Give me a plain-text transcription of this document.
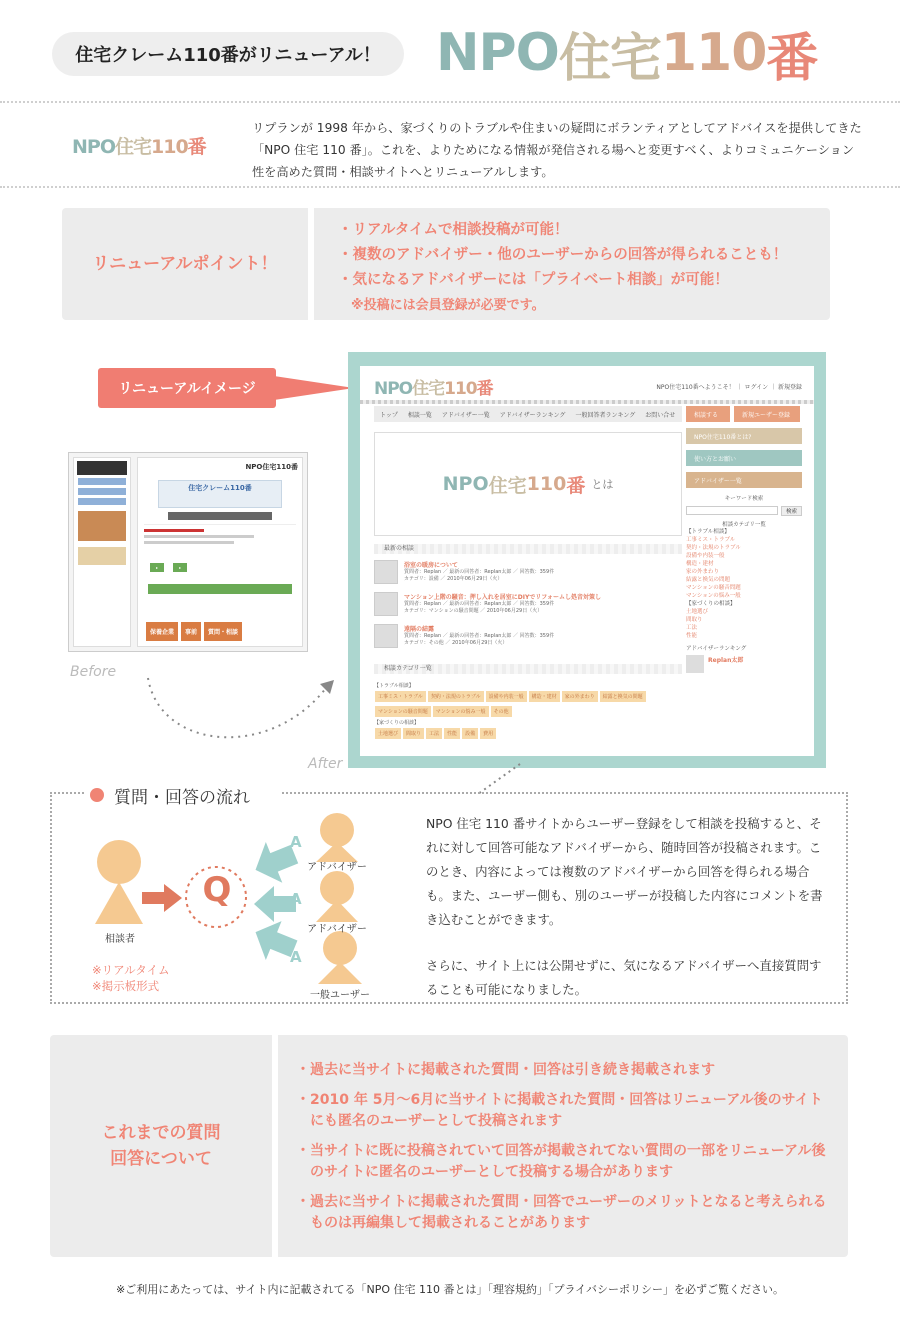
住宅クレーム110番がリニューアル！	NPO 住宅 110 番
NPO住宅110番
リプランが 1998 年から、家づくりのトラブルや住まいの疑問にボランティアとしてアドバイスを提供してきた「NPO 住宅 110 番」。これを、よりためになる情報が発信される場へと変更すべく、よりコミュニケーション性を高めた質問・相談サイトへとリニューアルします。
リニューアルポイント！
・リアルタイムで相談投稿が可能！
・複数のアドバイザー・他のユーザーからの回答が得られることも！
・気になるアドバイザーには「プライベート相談」が可能！
　※投稿には会員登録が必要です。
リニューアルイメージ
NPO住宅110番
住宅クレーム110番
▸	▸
保養企業	事前	質問・相談
Before
NPO住宅110番	NPO住宅110番へようこそ！ ｜ ログイン ｜ 新規登録
トップ 相談一覧 アドバイザー一覧 アドバイザーランキング 一般回答者ランキング お問い合せ
NPO 住宅 110 番 とは
最新の相談
浴室の暖房について
質問者：Replan ／ 最新の回答者：Replan太郎 ／ 回答数：359件
カテゴリ：設備 ／ 2010年06月29日（火）
マンション上階の騒音：押し入れを居室にDIYでリフォームし処音対策し
質問者：Replan ／ 最新の回答者：Replan太郎 ／ 回答数：359件
カテゴリ：マンションの騒音問題 ／ 2010年06月29日（火）
遠隔の結露
質問者：Replan ／ 最新の回答者：Replan太郎 ／ 回答数：359件
カテゴリ：その他 ／ 2010年06月29日（火）
相談カテゴリ一覧
【トラブル相談】
工事ミス・トラブル 契約・法規のトラブル 設備や内装一般 構造・建材 家の外まわり 結露と換気の問題マンションの騒音問題 マンションの悩み一般 その他
【家づくりの相談】
土地選び 間取り 工法 性能 設備 費用
相談する	新規ユーザー登録
NPO住宅110番とは?
使い方とお願い
アドバイザー一覧
キーワード検索
検索
相談カテゴリ一覧
【トラブル相談】
工事ミス・トラブル
契約・法規のトラブル
設備や内装一般
構造・建材
家の外まわり
結露と換気の問題
マンションの騒音問題
マンションの悩み一般
【家づくりの相談】
土地選び
間取り
工法
性能
アドバイザーランキング
Replan太郎
After
質問・回答の流れ
Q
A
A
A
相談者
アドバイザー
アドバイザー
一般ユーザー
※リアルタイム
※掲示板形式

NPO 住宅 110 番サイトからユーザー登録をして相談を投稿すると、それに対して回答可能なアドバイザーから、随時回答が投稿されます。このとき、内容によっては複数のアドバイザーから回答を得られる場合も。また、ユーザー側も、別のユーザーが投稿した内容にコメントを書き込むことができます。

さらに、サイト上には公開せずに、気になるアドバイザーへ直接質問することも可能になりました。

これまでの質問
回答について
・過去に当サイトに掲載された質問・回答は引き続き掲載されます
・2010 年 5月～6月に当サイトに掲載された質問・回答はリニューアル後のサイトにも匿名のユーザーとして投稿されます
・当サイトに既に投稿されていて回答が掲載されてない質問の一部をリニューアル後のサイトに匿名のユーザーとして投稿する場合があります
・過去に当サイトに掲載された質問・回答でユーザーのメリットとなると考えられるものは再編集して掲載されることがあります
※ご利用にあたっては、サイト内に記載されてる「NPO 住宅 110 番とは」「理容規約」「プライバシーポリシー」を必ずご覧ください。
